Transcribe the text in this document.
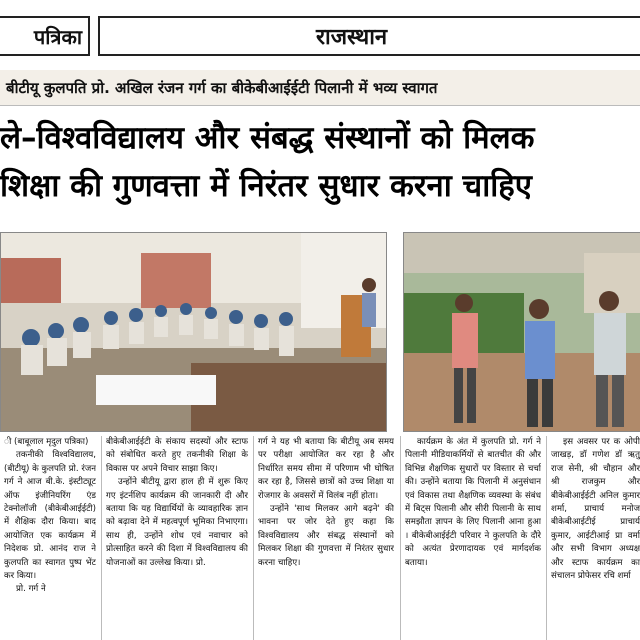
पत्रिका	राजस्थान
बीटीयू कुलपति प्रो. अखिल रंजन गर्ग का बीकेबीआईईटी पिलानी में भव्य स्वागत
ले–विश्वविद्यालय और संबद्ध संस्थानों को मिलक
शिक्षा की गुणवत्ता में निरंतर सुधार करना चाहिए

ी (बाबूलाल मृदुल पत्रिका)

तकनीकी विश्वविद्यालय, (बीटीयू) के कुलपति प्रो. रंजन गर्ग ने आज बी.के. इंस्टीट्यूट ऑफ इंजीनियरिंग एंड टेक्नोलॉजी (बीकेबीआईईटी) में शैक्षिक दौरा किया। बाद आयोजित एक कार्यक्रम में निदेशक प्रो. आनंद राज ने कुलपति का स्वागत पुष्प भेंट कर किया।

प्रो. गर्ग ने

बीकेबीआईईटी के संकाय सदस्यों और स्टाफ को संबोधित करते हुए तकनीकी शिक्षा के विकास पर अपने विचार साझा किए।

उन्होंने बीटीयू द्वारा हाल ही में शुरू किए गए इंटर्नशिप कार्यक्रम की जानकारी दी और बताया कि यह विद्यार्थियों के व्यावहारिक ज्ञान को बढ़ावा देने में महत्वपूर्ण भूमिका निभाएगा। साथ ही, उन्होंने शोध एवं नवाचार को प्रोत्साहित करने की दिशा में विश्वविद्यालय की योजनाओं का उल्लेख किया। प्रो.

गर्ग ने यह भी बताया कि बीटीयू अब समय पर परीक्षा आयोजित कर रहा है और निर्धारित समय सीमा में परिणाम भी घोषित कर रहा है, जिससे छात्रों को उच्च शिक्षा या रोजगार के अवसरों में विलंब नहीं होता।

उन्होंने 'साथ मिलकर आगे बढ़ने' की भावना पर जोर देते हुए कहा कि विश्वविद्यालय और संबद्ध संस्थानों को मिलकर शिक्षा की गुणवत्ता में निरंतर सुधार करना चाहिए।

कार्यक्रम के अंत में कुलपति प्रो. गर्ग ने पिलानी मीडियाकर्मियों से बातचीत की और विभिन्न शैक्षणिक सुधारों पर विस्तार से चर्चा की। उन्होंने बताया कि पिलानी में अनुसंधान एवं विकास तथा शैक्षणिक व्यवस्था के संबंध में बिट्स पिलानी और सीरी पिलानी के साथ समझौता ज्ञापन के लिए पिलानी आना हुआ । बीकेबीआईईटी परिवार ने कुलपति के दौरे को अत्यंत प्रेरणादायक एवं मार्गदर्शक बताया।

इस अवसर पर क ओपी जाखड़, डॉ गणेश डॉ ऋतु राज सेनी, श्री चौहान और श्री राजकुम और बीकेबीआईईटी अनिल कुमार शर्मा, प्राचार्य मनोज बीकेबीआईटीई प्राचार्य कुमार, आईटीआई प्रा वर्मा और सभी विभाग अध्यक्ष और स्टाफ कार्यक्रम का संचालन प्रोफेसर रचि शर्मा
